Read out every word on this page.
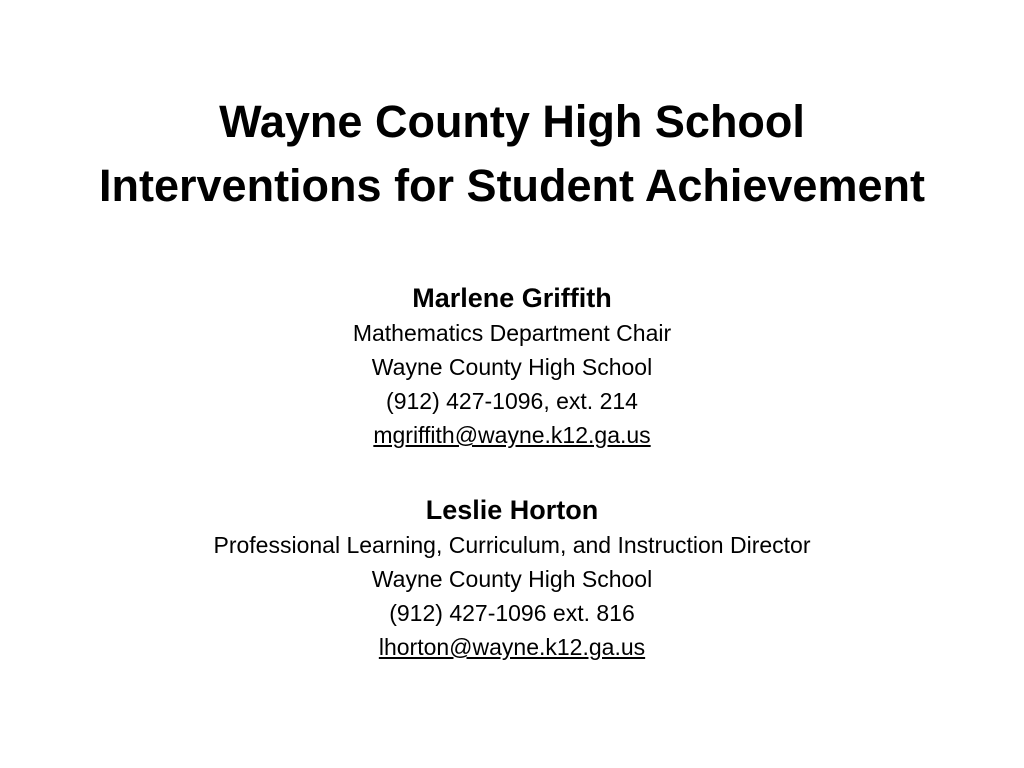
Wayne County High School
Interventions for Student Achievement
Marlene Griffith
Mathematics Department Chair
Wayne County High School
(912) 427-1096, ext. 214
mgriffith@wayne.k12.ga.us
Leslie Horton
Professional Learning, Curriculum, and Instruction Director
Wayne County High School
(912) 427-1096 ext. 816
lhorton@wayne.k12.ga.us
